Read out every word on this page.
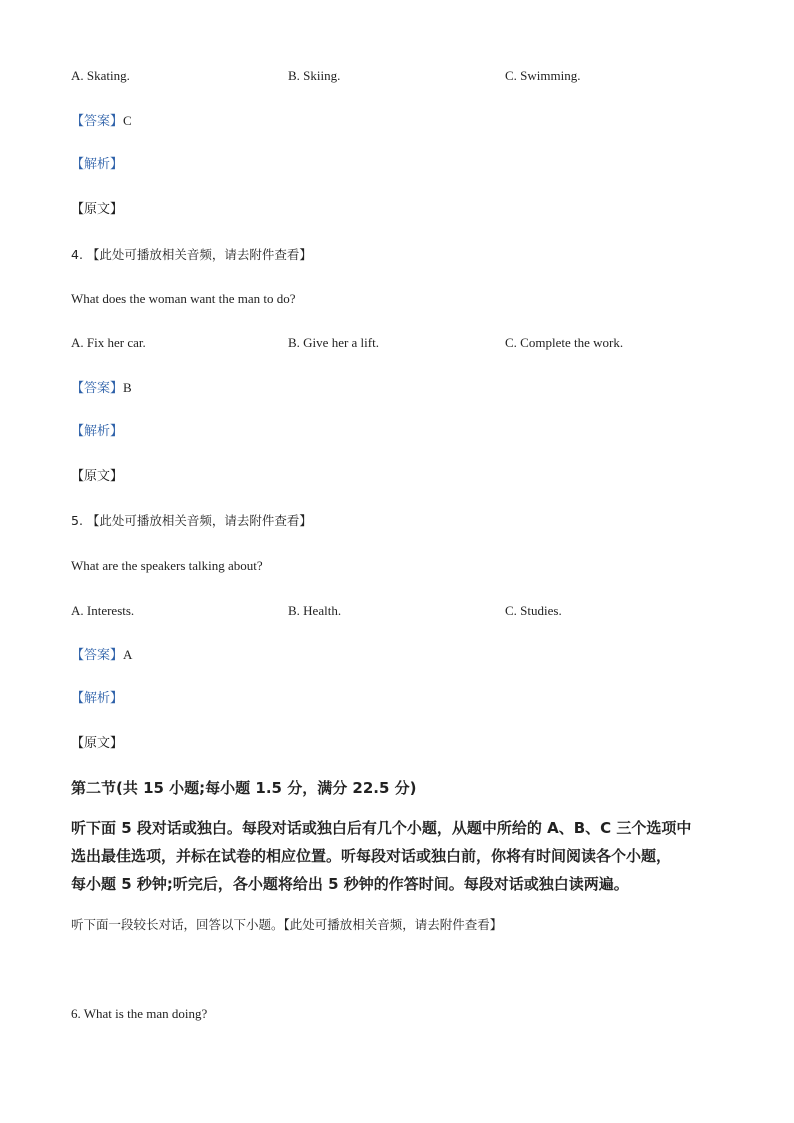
A. Skating.	B. Skiing.	C. Swimming.
【答案】C
【解析】
【原文】
4. 【此处可播放相关音频，请去附件查看】
What does the woman want the man to do?
A. Fix her car.	B. Give her a lift.	C. Complete the work.
【答案】B
【解析】
【原文】
5. 【此处可播放相关音频，请去附件查看】
What are the speakers talking about?
A. Interests.	B. Health.	C. Studies.
【答案】A
【解析】
【原文】
第二节(共 15 小题;每小题 1.5 分，满分 22.5 分)
听下面 5 段对话或独白。每段对话或独白后有几个小题，从题中所给的 A、B、C 三个选项中
选出最佳选项，并标在试卷的相应位置。听每段对话或独白前，你将有时间阅读各个小题，
每小题 5 秒钟;听完后，各小题将给出 5 秒钟的作答时间。每段对话或独白读两遍。
听下面一段较长对话，回答以下小题。【此处可播放相关音频，请去附件查看】
6. What is the man doing?
